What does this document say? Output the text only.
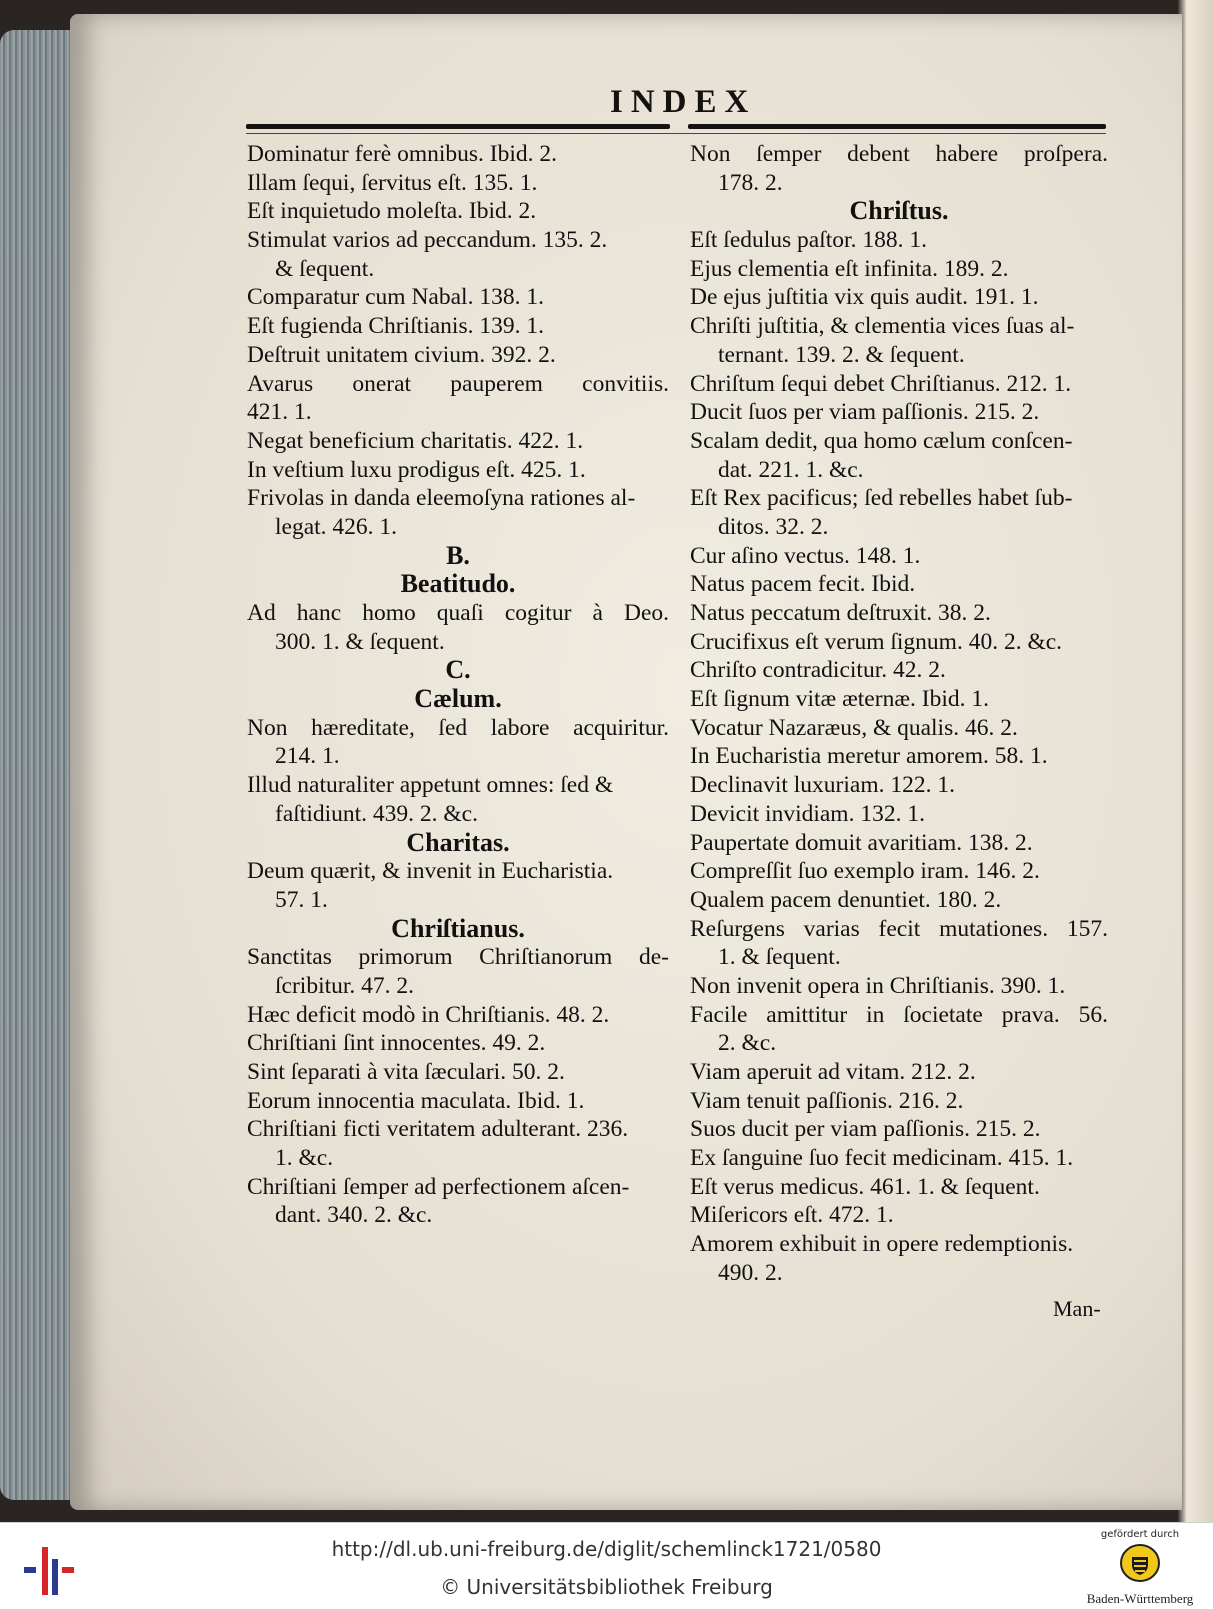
INDEX
Dominatur ferè omnibus. Ibid. 2.
Illam ſequi, ſervitus eſt. 135. 1.
Eſt inquietudo moleſta. Ibid. 2.
Stimulat varios ad peccandum. 135. 2.
& ſequent.
Comparatur cum Nabal. 138. 1.
Eſt fugienda Chriſtianis. 139. 1.
Deſtruit unitatem civium. 392. 2.
Avarus onerat pauperem convitiis.
421. 1.
Negat beneficium charitatis. 422. 1.
In veſtium luxu prodigus eſt. 425. 1.
Frivolas in danda eleemoſyna rationes al-
legat. 426. 1.
B.
Beatitudo.
Ad hanc homo quaſi cogitur à Deo.
300. 1. & ſequent.
C.
Cælum.
Non hæreditate, ſed labore acquiritur.
214. 1.
Illud naturaliter appetunt omnes: ſed &
faſtidiunt. 439. 2. &c.
Charitas.
Deum quærit, & invenit in Eucharistia.
57. 1.
Chriſtianus.
Sanctitas primorum Chriſtianorum de-
ſcribitur. 47. 2.
Hæc deficit modò in Chriſtianis. 48. 2.
Chriſtiani ſint innocentes. 49. 2.
Sint ſeparati à vita ſæculari. 50. 2.
Eorum innocentia maculata. Ibid. 1.
Chriſtiani ficti veritatem adulterant. 236.
1. &c.
Chriſtiani ſemper ad perfectionem aſcen-
dant. 340. 2. &c.
Non ſemper debent habere proſpera.
178. 2.
Chriſtus.
Eſt ſedulus paſtor. 188. 1.
Ejus clementia eſt infinita. 189. 2.
De ejus juſtitia vix quis audit. 191. 1.
Chriſti juſtitia, & clementia vices ſuas al-
ternant. 139. 2. & ſequent.
Chriſtum ſequi debet Chriſtianus. 212. 1.
Ducit ſuos per viam paſſionis. 215. 2.
Scalam dedit, qua homo cælum conſcen-
dat. 221. 1. &c.
Eſt Rex pacificus; ſed rebelles habet ſub-
ditos. 32. 2.
Cur aſino vectus. 148. 1.
Natus pacem fecit. Ibid.
Natus peccatum deſtruxit. 38. 2.
Crucifixus eſt verum ſignum. 40. 2. &c.
Chriſto contradicitur. 42. 2.
Eſt ſignum vitæ æternæ. Ibid. 1.
Vocatur Nazaræus, & qualis. 46. 2.
In Eucharistia meretur amorem. 58. 1.
Declinavit luxuriam. 122. 1.
Devicit invidiam. 132. 1.
Paupertate domuit avaritiam. 138. 2.
Compreſſit ſuo exemplo iram. 146. 2.
Qualem pacem denuntiet. 180. 2.
Reſurgens varias fecit mutationes. 157.
1. & ſequent.
Non invenit opera in Chriſtianis. 390. 1.
Facile amittitur in ſocietate prava. 56.
2. &c.
Viam aperuit ad vitam. 212. 2.
Viam tenuit paſſionis. 216. 2.
Suos ducit per viam paſſionis. 215. 2.
Ex ſanguine ſuo fecit medicinam. 415. 1.
Eſt verus medicus. 461. 1. & ſequent.
Miſericors eſt. 472. 1.
Amorem exhibuit in opere redemptionis.
490. 2.
Man-
http://dl.ub.uni-freiburg.de/diglit/schemlinck1721/0580
© Universitätsbibliothek Freiburg
gefördert durch
Baden-Württemberg
